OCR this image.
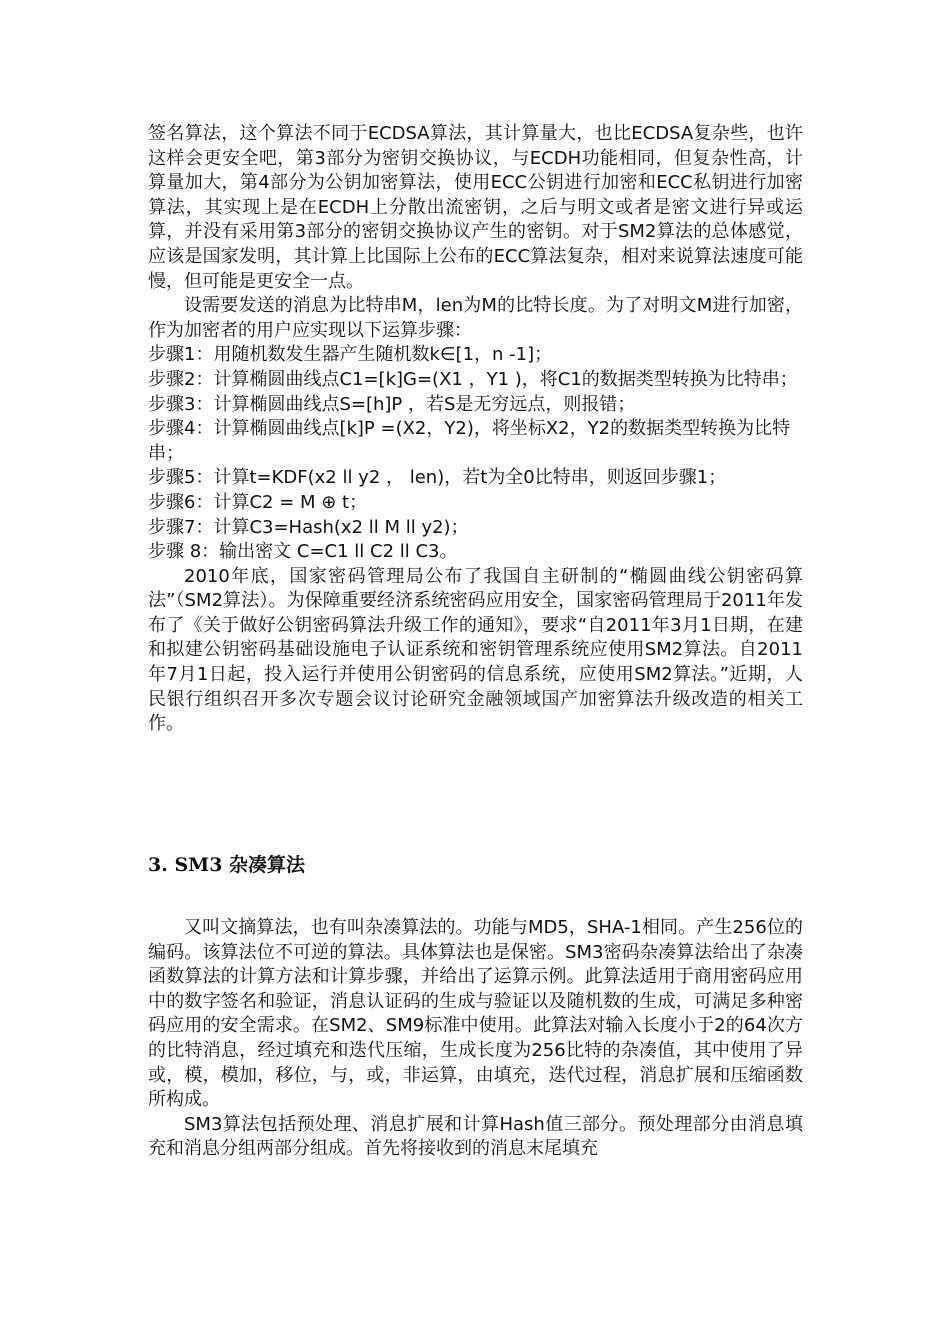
签名算法，这个算法不同于ECDSA算法，其计算量大，也比ECDSA复杂些，也许这样会更安全吧，第3部分为密钥交换协议，与ECDH功能相同，但复杂性高，计算量加大，第4部分为公钥加密算法，使用ECC公钥进行加密和ECC私钥进行加密算法，其实现上是在ECDH上分散出流密钥，之后与明文或者是密文进行异或运算，并没有采用第3部分的密钥交换协议产生的密钥。对于SM2算法的总体感觉，应该是国家发明，其计算上比国际上公布的ECC算法复杂，相对来说算法速度可能慢，但可能是更安全一点。

设需要发送的消息为比特串M，len为M的比特长度。为了对明文M进行加密，作为加密者的用户应实现以下运算步骤：

步骤1：用随机数发生器产生随机数k∈[1，n -1]；

步骤2：计算椭圆曲线点C1=[k]G=(X1 ，Y1 )，将C1的数据类型转换为比特串；

步骤3：计算椭圆曲线点S=[h]P ，若S是无穷远点，则报错；

步骤4：计算椭圆曲线点[k]P =(X2，Y2)，将坐标X2，Y2的数据类型转换为比特串；

步骤5：计算t=KDF(x2 ll y2 ， len)，若t为全0比特串，则返回步骤1；

步骤6：计算C2 = M ⊕ t；

步骤7：计算C3=Hash(x2 ll M ll y2)；

步骤 8：输出密文 C=C1 ll C2 ll C3。

2010年底，国家密码管理局公布了我国自主研制的“椭圆曲线公钥密码算法”（SM2算法）。为保障重要经济系统密码应用安全，国家密码管理局于2011年发布了《关于做好公钥密码算法升级工作的通知》，要求“自2011年3月1日期，在建和拟建公钥密码基础设施电子认证系统和密钥管理系统应使用SM2算法。自2011年7月1日起，投入运行并使用公钥密码的信息系统，应使用SM2算法。”近期，人民银行组织召开多次专题会议讨论研究金融领域国产加密算法升级改造的相关工作。

3. SM3 杂凑算法

又叫文摘算法，也有叫杂凑算法的。功能与MD5，SHA-1相同。产生256位的编码。该算法位不可逆的算法。具体算法也是保密。SM3密码杂凑算法给出了杂凑函数算法的计算方法和计算步骤，并给出了运算示例。此算法适用于商用密码应用中的数字签名和验证，消息认证码的生成与验证以及随机数的生成，可满足多种密码应用的安全需求。在SM2、SM9标准中使用。此算法对输入长度小于2的64次方的比特消息，经过填充和迭代压缩，生成长度为256比特的杂凑值，其中使用了异或，模，模加，移位，与，或，非运算，由填充，迭代过程，消息扩展和压缩函数所构成。

SM3算法包括预处理、消息扩展和计算Hash值三部分。预处理部分由消息填充和消息分组两部分组成。首先将接收到的消息末尾填充
